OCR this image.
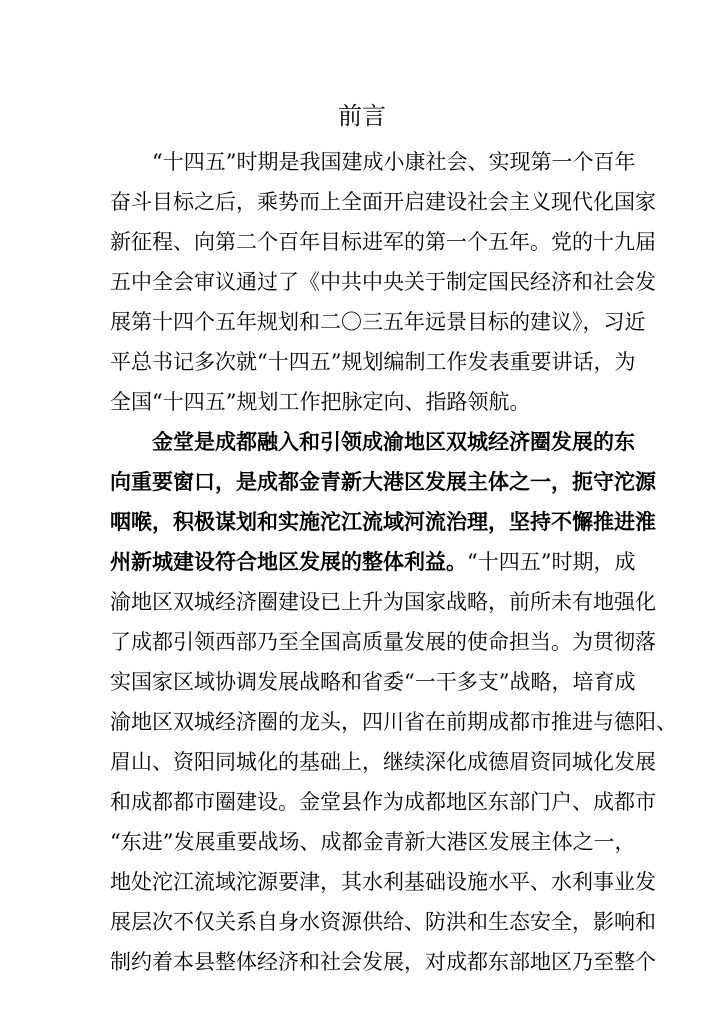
前言
“十四五”时期是我国建成小康社会、实现第一个百年
奋斗目标之后，乘势而上全面开启建设社会主义现代化国家
新征程、向第二个百年目标进军的第一个五年。党的十九届
五中全会审议通过了《中共中央关于制定国民经济和社会发
展第十四个五年规划和二〇三五年远景目标的建议》，习近
平总书记多次就“十四五”规划编制工作发表重要讲话，为
全国“十四五”规划工作把脉定向、指路领航。
金堂是成都融入和引领成渝地区双城经济圈发展的东
向重要窗口，是成都金青新大港区发展主体之一，扼守沱源
咽喉，积极谋划和实施沱江流域河流治理，坚持不懈推进淮
州新城建设符合地区发展的整体利益。“十四五”时期，成
渝地区双城经济圈建设已上升为国家战略，前所未有地强化
了成都引领西部乃至全国高质量发展的使命担当。为贯彻落
实国家区域协调发展战略和省委“一干多支”战略，培育成
渝地区双城经济圈的龙头，四川省在前期成都市推进与德阳、
眉山、资阳同城化的基础上，继续深化成德眉资同城化发展
和成都都市圈建设。金堂县作为成都地区东部门户、成都市
“东进”发展重要战场、成都金青新大港区发展主体之一，
地处沱江流域沱源要津，其水利基础设施水平、水利事业发
展层次不仅关系自身水资源供给、防洪和生态安全，影响和
制约着本县整体经济和社会发展，对成都东部地区乃至整个
